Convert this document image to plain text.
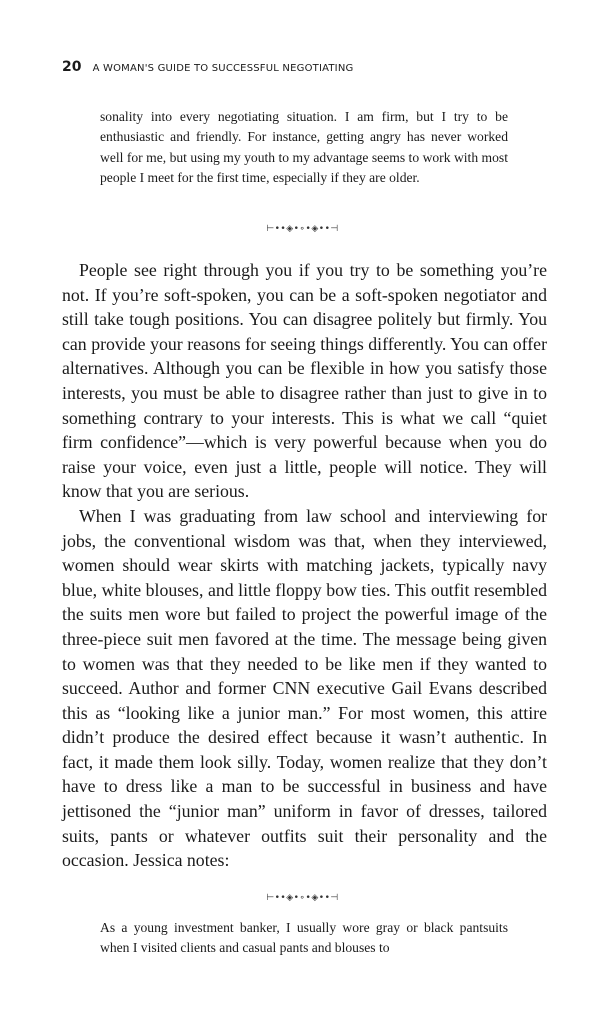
20 A WOMAN'S GUIDE TO SUCCESSFUL NEGOTIATING
sonality into every negotiating situation. I am firm, but I try to be enthusiastic and friendly. For instance, getting angry has never worked well for me, but using my youth to my advantage seems to work with most people I meet for the first time, especially if they are older.
⊢••◈•∘•◈••⊣

People see right through you if you try to be something you’re not. If you’re soft-spoken, you can be a soft-spoken negotiator and still take tough positions. You can disagree politely but firmly. You can provide your reasons for seeing things differently. You can offer alternatives. Although you can be flexible in how you satisfy those interests, you must be able to disagree rather than just to give in to something contrary to your interests. This is what we call “quiet firm confidence”—which is very powerful because when you do raise your voice, even just a little, people will notice. They will know that you are serious.

When I was graduating from law school and interviewing for jobs, the conventional wisdom was that, when they interviewed, women should wear skirts with matching jackets, typically navy blue, white blouses, and little floppy bow ties. This outfit resembled the suits men wore but failed to project the powerful image of the three-piece suit men favored at the time. The message being given to women was that they needed to be like men if they wanted to succeed. Author and former CNN executive Gail Evans described this as “looking like a junior man.” For most women, this attire didn’t produce the desired effect because it wasn’t authentic. In fact, it made them look silly. Today, women realize that they don’t have to dress like a man to be successful in business and have jettisoned the “junior man” uniform in favor of dresses, tailored suits, pants or whatever outfits suit their personality and the occasion. Jessica notes:

⊢••◈•∘•◈••⊣
As a young investment banker, I usually wore gray or black pantsuits when I visited clients and casual pants and blouses to
